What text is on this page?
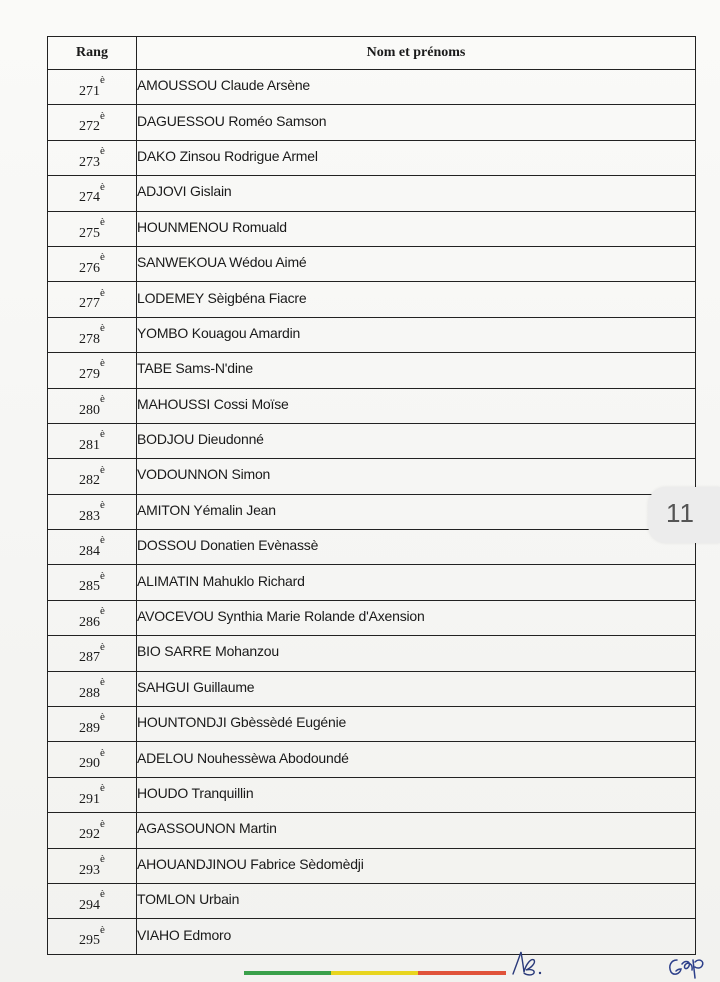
Rang	Nom et prénoms
$271^è$	AMOUSSOU Claude Arsène
$272^è$	DAGUESSOU Roméo Samson
$273^è$	DAKO Zinsou Rodrigue Armel
$274^è$	ADJOVI Gislain
$275^è$	HOUNMENOU Romuald
$276^è$	SANWEKOUA Wédou Aimé
$277^è$	LODEMEY Sèigbéna Fiacre
$278^è$	YOMBO Kouagou Amardin
$279^è$	TABE Sams-N'dine
$280^è$	MAHOUSSI Cossi Moïse
$281^è$	BODJOU Dieudonné
$282^è$	VODOUNNON Simon
$283^è$	AMITON Yémalin Jean
$284^è$	DOSSOU Donatien Evènassè
$285^è$	ALIMATIN Mahuklo Richard
$286^è$	AVOCEVOU Synthia Marie Rolande d'Axension
$287^è$	BIO SARRE Mohanzou
$288^è$	SAHGUI Guillaume
$289^è$	HOUNTONDJI Gbèssèdé Eugénie
$290^è$	ADELOU Nouhessèwa Abodoundé
$291^è$	HOUDO Tranquillin
$292^è$	AGASSOUNON Martin
$293^è$	AHOUANDJINOU Fabrice Sèdomèdji
$294^è$	TOMLON Urbain
$295^è$	VIAHO Edmoro
11
